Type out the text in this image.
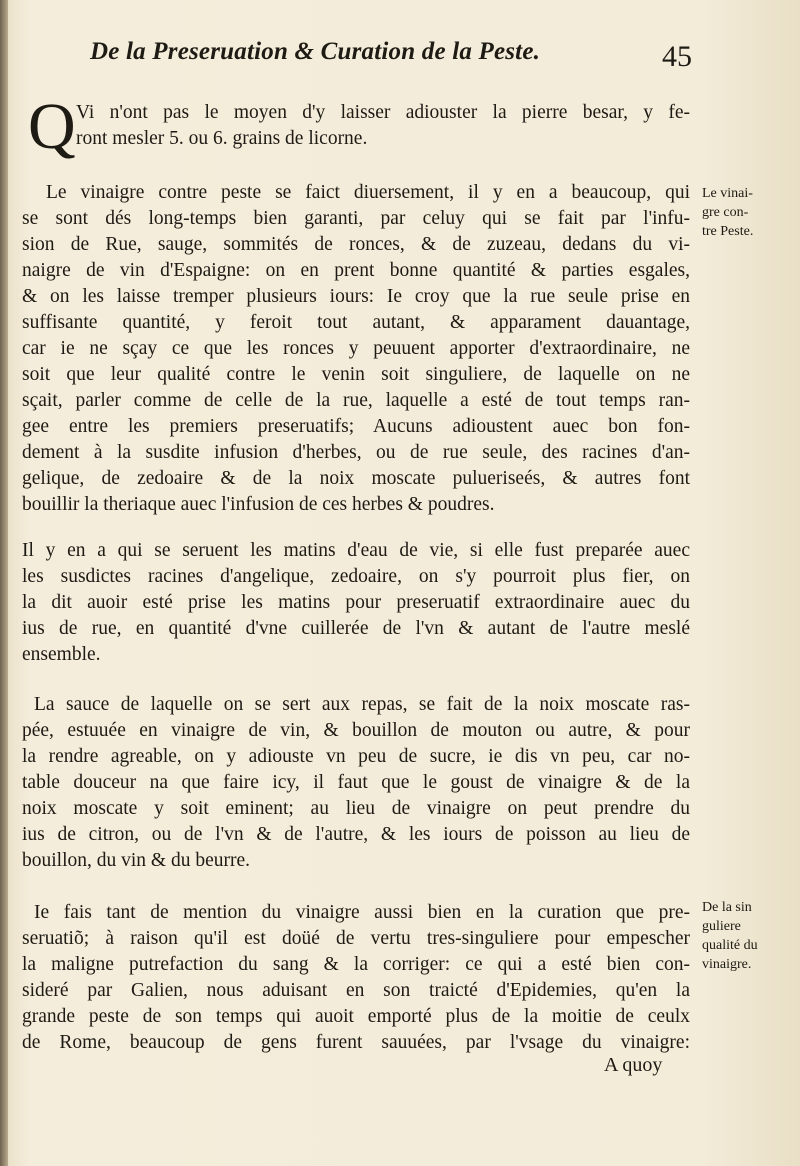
De la Preseruation & Curation de la Peste.	45
Q Vi n'ont pas le moyen d'y laisser adiouster la pierre besar, y fe-
ront mesler 5. ou 6. grains de licorne.
Le vinaigre contre peste se faict diuersement, il y en a beaucoup, qui
se sont dés long-temps bien garanti, par celuy qui se fait par l'infu-
sion de Rue, sauge, sommités de ronces, & de zuzeau, dedans du vi-
naigre de vin d'Espaigne: on en prent bonne quantité & parties esgales,
& on les laisse tremper plusieurs iours: Ie croy que la rue seule prise en
suffisante quantité, y feroit tout autant, & apparament dauantage,
car ie ne sçay ce que les ronces y peuuent apporter d'extraordinaire, ne
soit que leur qualité contre le venin soit singuliere, de laquelle on ne
sçait, parler comme de celle de la rue, laquelle a esté de tout temps ran-
gee entre les premiers preseruatifs; Aucuns adioustent auec bon fon-
dement à la susdite infusion d'herbes, ou de rue seule, des racines d'an-
gelique, de zedoaire & de la noix moscate pulueriseés, & autres font
bouillir la theriaque auec l'infusion de ces herbes & poudres.
Le vinai-
gre con-
tre Peste.
Il y en a qui se seruent les matins d'eau de vie, si elle fust preparée auec
les susdictes racines d'angelique, zedoaire, on s'y pourroit plus fier, on
la dit auoir esté prise les matins pour preseruatif extraordinaire auec du
ius de rue, en quantité d'vne cuillerée de l'vn & autant de l'autre meslé
ensemble.
La sauce de laquelle on se sert aux repas, se fait de la noix moscate ras-
pée, estuuée en vinaigre de vin, & bouillon de mouton ou autre, & pour
la rendre agreable, on y adiouste vn peu de sucre, ie dis vn peu, car no-
table douceur na que faire icy, il faut que le goust de vinaigre & de la
noix moscate y soit eminent; au lieu de vinaigre on peut prendre du
ius de citron, ou de l'vn & de l'autre, & les iours de poisson au lieu de
bouillon, du vin & du beurre.
Ie fais tant de mention du vinaigre aussi bien en la curation que pre-
seruatiõ; à raison qu'il est doüé de vertu tres-singuliere pour empescher
la maligne putrefaction du sang & la corriger: ce qui a esté bien con-
sideré par Galien, nous aduisant en son traicté d'Epidemies, qu'en la
grande peste de son temps qui auoit emporté plus de la moitie de ceulx
de Rome, beaucoup de gens furent sauuées, par l'vsage du vinaigre:
De la sin
guliere
qualité du
vinaigre.
A quoy
